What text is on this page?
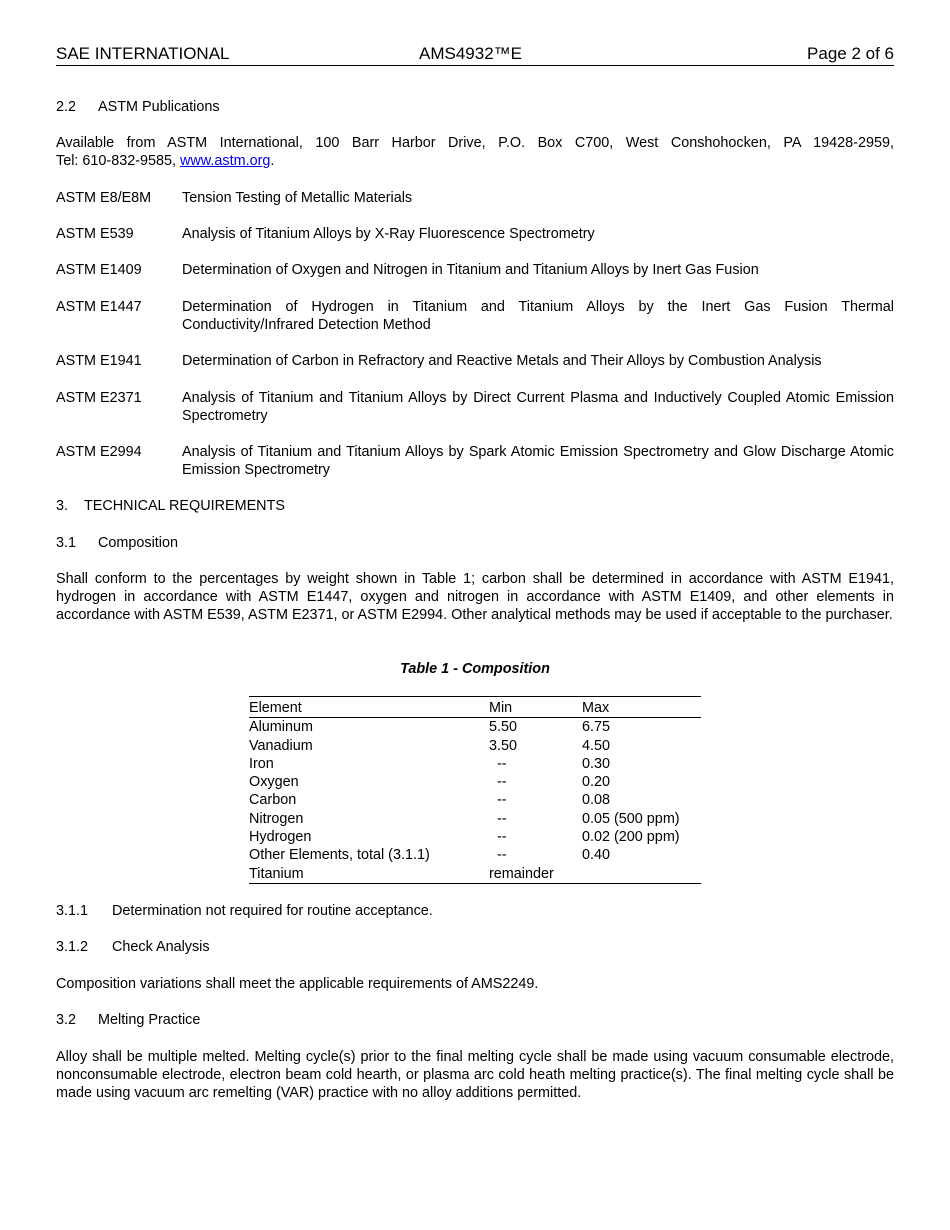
SAE INTERNATIONAL	AMS4932™E	Page 2 of 6
2.2 ASTM Publications
Available from ASTM International, 100 Barr Harbor Drive, P.O. Box C700, West Conshohocken, PA 19428-2959,
Tel: 610-832-9585, www.astm.org.
ASTM E8/E8M Tension Testing of Metallic Materials
ASTM E539	Analysis of Titanium Alloys by X-Ray Fluorescence Spectrometry
ASTM E1409	Determination of Oxygen and Nitrogen in Titanium and Titanium Alloys by Inert Gas Fusion
ASTM E1447	Determination of Hydrogen in Titanium and Titanium Alloys by the Inert Gas Fusion Thermal Conductivity/Infrared Detection Method
ASTM E1941	Determination of Carbon in Refractory and Reactive Metals and Their Alloys by Combustion Analysis
ASTM E2371	Analysis of Titanium and Titanium Alloys by Direct Current Plasma and Inductively Coupled Atomic Emission Spectrometry
ASTM E2994	Analysis of Titanium and Titanium Alloys by Spark Atomic Emission Spectrometry and Glow Discharge Atomic Emission Spectrometry
3. TECHNICAL REQUIREMENTS
3.1 Composition
Shall conform to the percentages by weight shown in Table 1; carbon shall be determined in accordance with ASTM E1941, hydrogen in accordance with ASTM E1447, oxygen and nitrogen in accordance with ASTM E1409, and other elements in accordance with ASTM E539, ASTM E2371, or ASTM E2994. Other analytical methods may be used if acceptable to the purchaser.
Table 1 - Composition
Element	Min	Max
Aluminum	5.50	6.75
Vanadium	3.50	4.50
Iron	--	0.30
Oxygen	--	0.20
Carbon	--	0.08
Nitrogen	--	0.05 (500 ppm)
Hydrogen	--	0.02 (200 ppm)
Other Elements, total (3.1.1)	--	0.40
Titanium	remainder	
3.1.1 Determination not required for routine acceptance.
3.1.2 Check Analysis
Composition variations shall meet the applicable requirements of AMS2249.
3.2 Melting Practice
Alloy shall be multiple melted. Melting cycle(s) prior to the final melting cycle shall be made using vacuum consumable electrode, nonconsumable electrode, electron beam cold hearth, or plasma arc cold heath melting practice(s). The final melting cycle shall be made using vacuum arc remelting (VAR) practice with no alloy additions permitted.
